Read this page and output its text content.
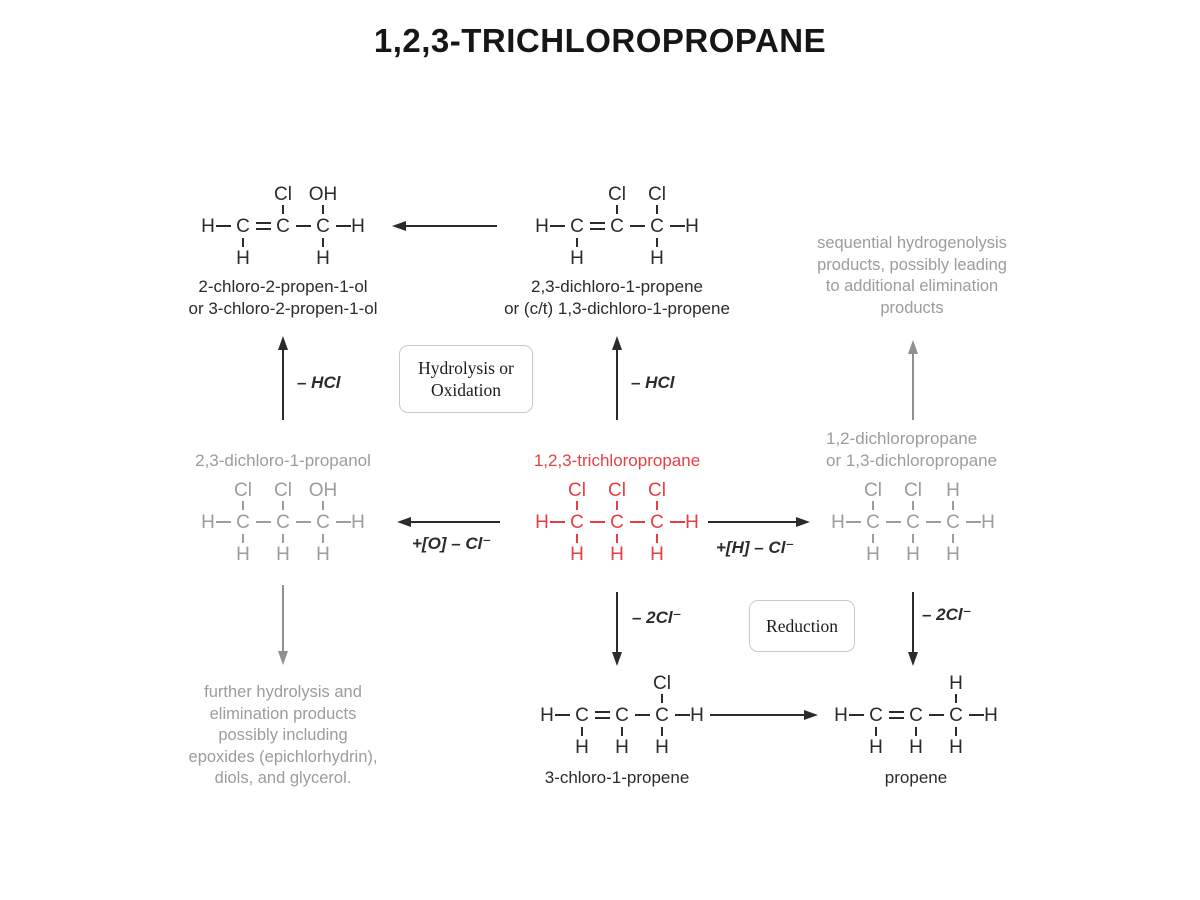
1,2,3-TRICHLOROPROPANE
Cl OH
H C C C H
H	H
Cl Cl
H C C C H
H	H
Cl Cl OH
H C C C H
H H H
Cl Cl Cl
H C C C H
H H H
Cl Cl H
H C C C H
H H H
Cl
H C C C H
H H H
H
H C C C H
H H H
2-chloro-2-propen-1-ol
or 3-chloro-2-propen-1-ol
2,3-dichloro-1-propene
or (c/t) 1,3-dichloro-1-propene
2,3-dichloro-1-propanol	1,2,3-trichloropropane
1,2-dichloropropane
or 1,3-dichloropropane
3-chloro-1-propene	propene
sequential hydrogenolysis
products, possibly leading
to additional elimination
products
further hydrolysis and
elimination products
possibly including
epoxides (epichlorhydrin),
diols, and glycerol.
Hydrolysis or
Oxidation
Reduction
– HCl	– HCl
+[O] – Cl⁻	+[H] – Cl⁻
– 2Cl⁻	– 2Cl⁻
